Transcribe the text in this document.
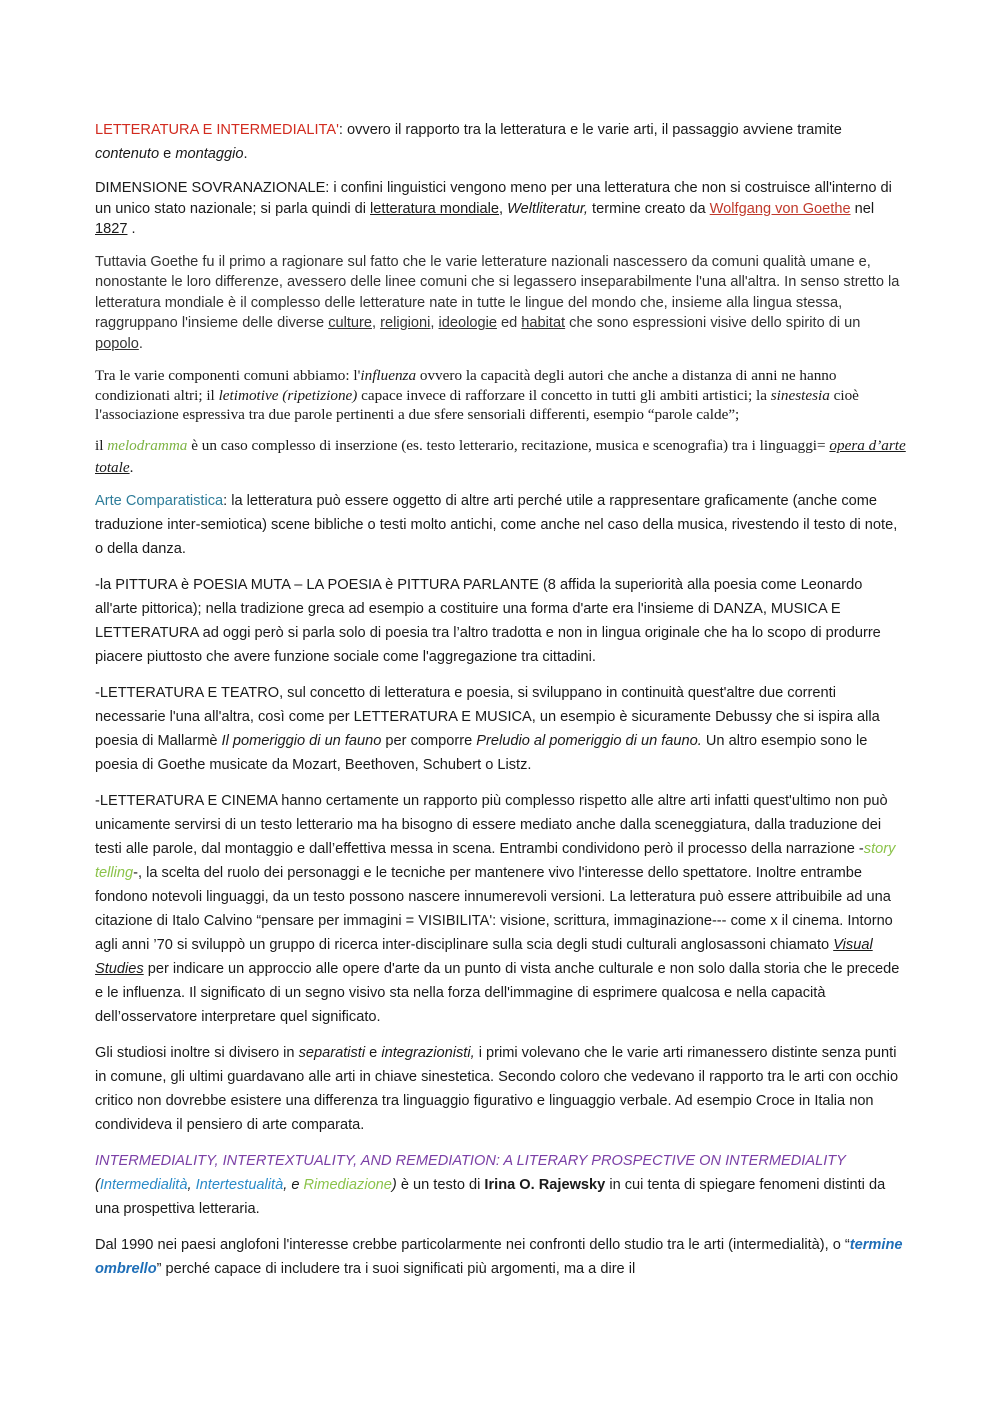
LETTERATURA E INTERMEDIALITA': ovvero il rapporto tra la letteratura e le varie arti, il passaggio avviene tramite contenuto e montaggio.

DIMENSIONE SOVRANAZIONALE: i confini linguistici vengono meno per una letteratura che non si costruisce all'interno di un unico stato nazionale; si parla quindi di letteratura mondiale, Weltliteratur, termine creato da Wolfgang von Goethe nel 1827 .

Tuttavia Goethe fu il primo a ragionare sul fatto che le varie letterature nazionali nascessero da comuni qualità umane e, nonostante le loro differenze, avessero delle linee comuni che si legassero inseparabilmente l'una all'altra. In senso stretto la letteratura mondiale è il complesso delle letterature nate in tutte le lingue del mondo che, insieme alla lingua stessa, raggruppano l'insieme delle diverse culture, religioni, ideologie ed habitat che sono espressioni visive dello spirito di un popolo.

Tra le varie componenti comuni abbiamo: l'influenza ovvero la capacità degli autori che anche a distanza di anni ne hanno condizionati altri; il letimotive (ripetizione) capace invece di rafforzare il concetto in tutti gli ambiti artistici; la sinestesia cioè l'associazione espressiva tra due parole pertinenti a due sfere sensoriali differenti, esempio “parole calde”;

il melodramma è un caso complesso di inserzione (es. testo letterario, recitazione, musica e scenografia) tra i linguaggi= opera d’arte totale.

Arte Comparatistica: la letteratura può essere oggetto di altre arti perché utile a rappresentare graficamente (anche come traduzione inter-semiotica) scene bibliche o testi molto antichi, come anche nel caso della musica, rivestendo il testo di note, o della danza.

-la PITTURA è POESIA MUTA – LA POESIA è PITTURA PARLANTE (8 affida la superiorità alla poesia come Leonardo all'arte pittorica); nella tradizione greca ad esempio a costituire una forma d'arte era l'insieme di DANZA, MUSICA E LETTERATURA ad oggi però si parla solo di poesia tra l’altro tradotta e non in lingua originale che ha lo scopo di produrre piacere piuttosto che avere funzione sociale come l'aggregazione tra cittadini.

-LETTERATURA E TEATRO, sul concetto di letteratura e poesia, si sviluppano in continuità quest'altre due correnti necessarie l'una all'altra, così come per LETTERATURA E MUSICA, un esempio è sicuramente Debussy che si ispira alla poesia di Mallarmè Il pomeriggio di un fauno per comporre Preludio al pomeriggio di un fauno. Un altro esempio sono le poesia di Goethe musicate da Mozart, Beethoven, Schubert o Listz.

-LETTERATURA E CINEMA hanno certamente un rapporto più complesso rispetto alle altre arti infatti quest'ultimo non può unicamente servirsi di un testo letterario ma ha bisogno di essere mediato anche dalla sceneggiatura, dalla traduzione dei testi alle parole, dal montaggio e dall’effettiva messa in scena. Entrambi condividono però il processo della narrazione -story telling-, la scelta del ruolo dei personaggi e le tecniche per mantenere vivo l'interesse dello spettatore. Inoltre entrambe fondono notevoli linguaggi, da un testo possono nascere innumerevoli versioni. La letteratura può essere attribuibile ad una citazione di Italo Calvino “pensare per immagini = VISIBILITA': visione, scrittura, immaginazione--- come x il cinema. Intorno agli anni ’70 si sviluppò un gruppo di ricerca inter-disciplinare sulla scia degli studi culturali anglosassoni chiamato Visual Studies per indicare un approccio alle opere d'arte da un punto di vista anche culturale e non solo dalla storia che le precede e le influenza. Il significato di un segno visivo sta nella forza dell'immagine di esprimere qualcosa e nella capacità dell’osservatore interpretare quel significato.

Gli studiosi inoltre si divisero in separatisti e integrazionisti, i primi volevano che le varie arti rimanessero distinte senza punti in comune, gli ultimi guardavano alle arti in chiave sinestetica. Secondo coloro che vedevano il rapporto tra le arti con occhio critico non dovrebbe esistere una differenza tra linguaggio figurativo e linguaggio verbale. Ad esempio Croce in Italia non condivideva il pensiero di arte comparata.

INTERMEDIALITY, INTERTEXTUALITY, AND REMEDIATION: A LITERARY PROSPECTIVE ON INTERMEDIALITY (Intermedialità, Intertestualità, e Rimediazione) è un testo di Irina O. Rajewsky in cui tenta di spiegare fenomeni distinti da una prospettiva letteraria.

Dal 1990 nei paesi anglofoni l'interesse crebbe particolarmente nei confronti dello studio tra le arti (intermedialità), o “termine ombrello” perché capace di includere tra i suoi significati più argomenti, ma a dire il
